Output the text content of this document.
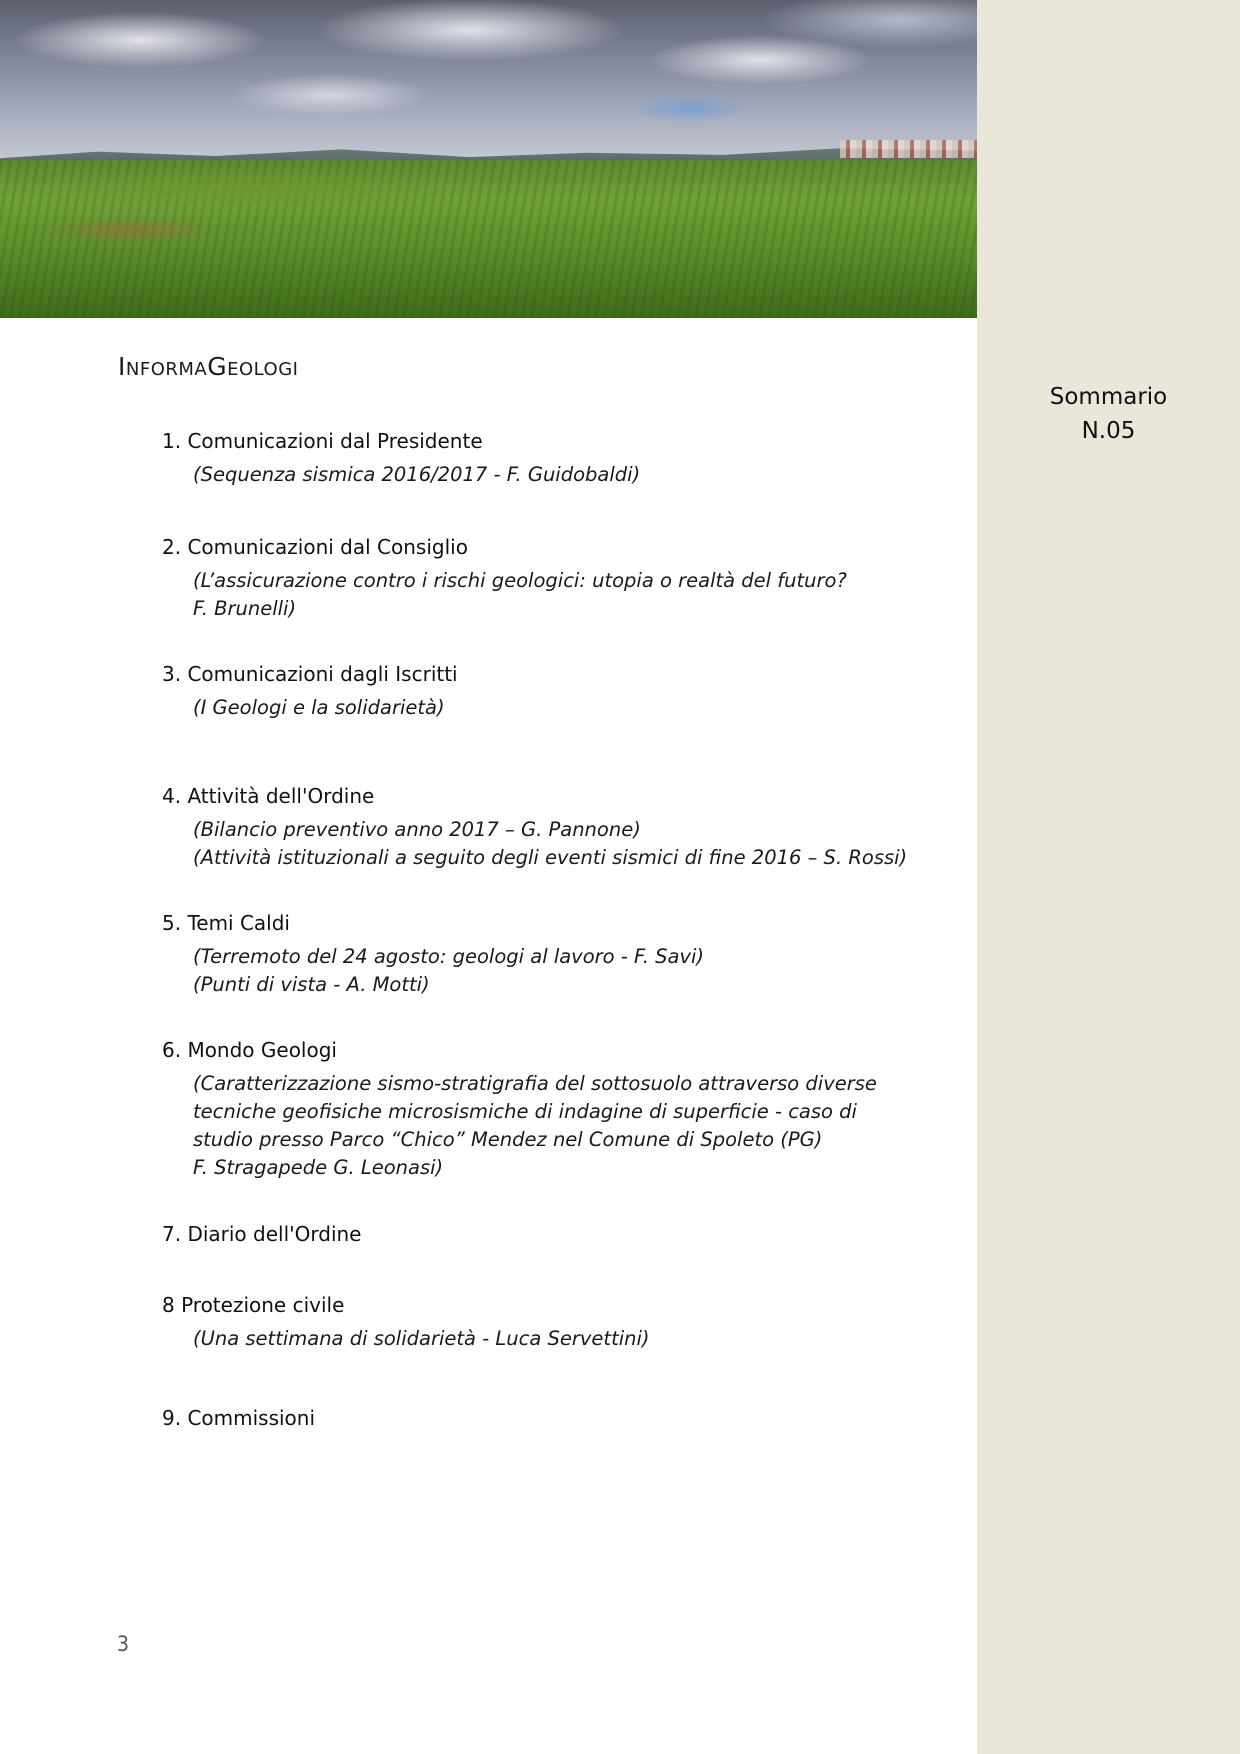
Sommario
N.05
INFORMAGEOLOGI
1. Comunicazioni dal Presidente
(Sequenza sismica 2016/2017 - F. Guidobaldi)
2. Comunicazioni dal Consiglio
(L’assicurazione contro i rischi geologici: utopia o realtà del futuro?
F. Brunelli)
3. Comunicazioni dagli Iscritti
(I Geologi e la solidarietà)
4. Attività dell'Ordine
(Bilancio preventivo anno 2017 – G. Pannone)
(Attività istituzionali a seguito degli eventi sismici di fine 2016 – S. Rossi)
5. Temi Caldi
(Terremoto del 24 agosto: geologi al lavoro - F. Savi)
(Punti di vista - A. Motti)
6. Mondo Geologi
(Caratterizzazione sismo-stratigrafia del sottosuolo attraverso diverse
tecniche geofisiche microsismiche di indagine di superficie - caso di
studio presso Parco “Chico” Mendez nel Comune di Spoleto (PG)
F. Stragapede G. Leonasi)
7. Diario dell'Ordine
8 Protezione civile
(Una settimana di solidarietà - Luca Servettini)
9. Commissioni
3
